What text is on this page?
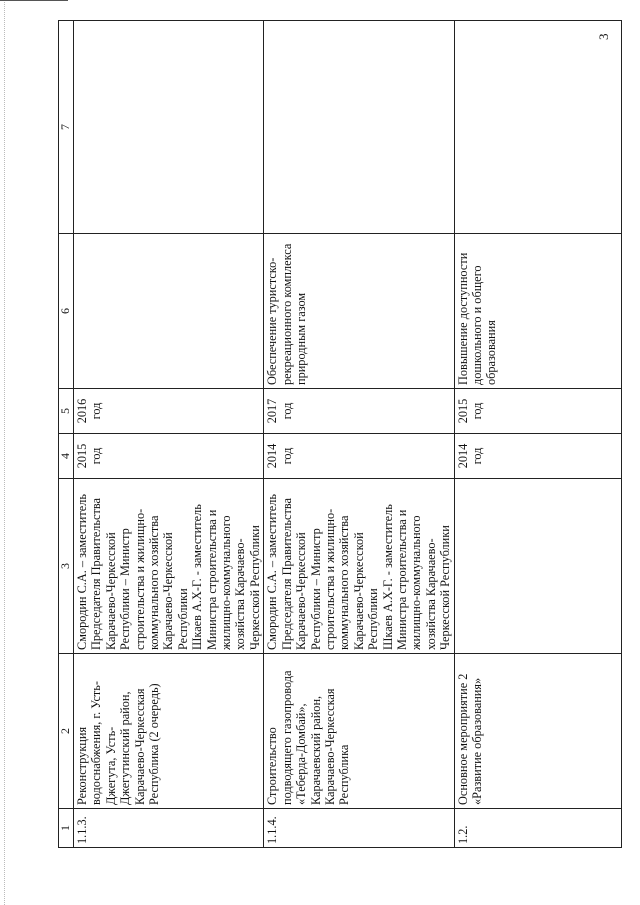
3
1	2	3	4	5	6	7
1.1.3.	Реконструкция водоснабжения, г. Усть-Джегута, Усть-Джегутинский район, Карачаево-Черкесская Республика (2 очередь)	Смородин С.А. – заместитель Председателя Правительства Карачаево-Черкесской Республики – Министр строительства и жилищно-коммунального хозяйства Карачаево-Черкесской Республики Шкаев А.Х-Г. - заместитель Министра строительства и жилищно-коммунального хозяйства Карачаево-Черкесской Республики	2015 год	2016 год		
1.1.4.	Строительство подводящего газопровода «Теберда-Домбай», Карачаевский район, Карачаево-Черкесская Республика	Смородин С.А. – заместитель Председателя Правительства Карачаево-Черкесской Республики – Министр строительства и жилищно-коммунального хозяйства Карачаево-Черкесской Республики Шкаев А.Х-Г. - заместитель Министра строительства и жилищно-коммунального хозяйства Карачаево-Черкесской Республики	2014 год	2017 год	Обеспечение туристско-рекреационного комплекса природным газом	
1.2.	Основное мероприятие 2 «Развитие образования»		2014 год	2015 год	Повышение доступности дошкольного и общего образования	
